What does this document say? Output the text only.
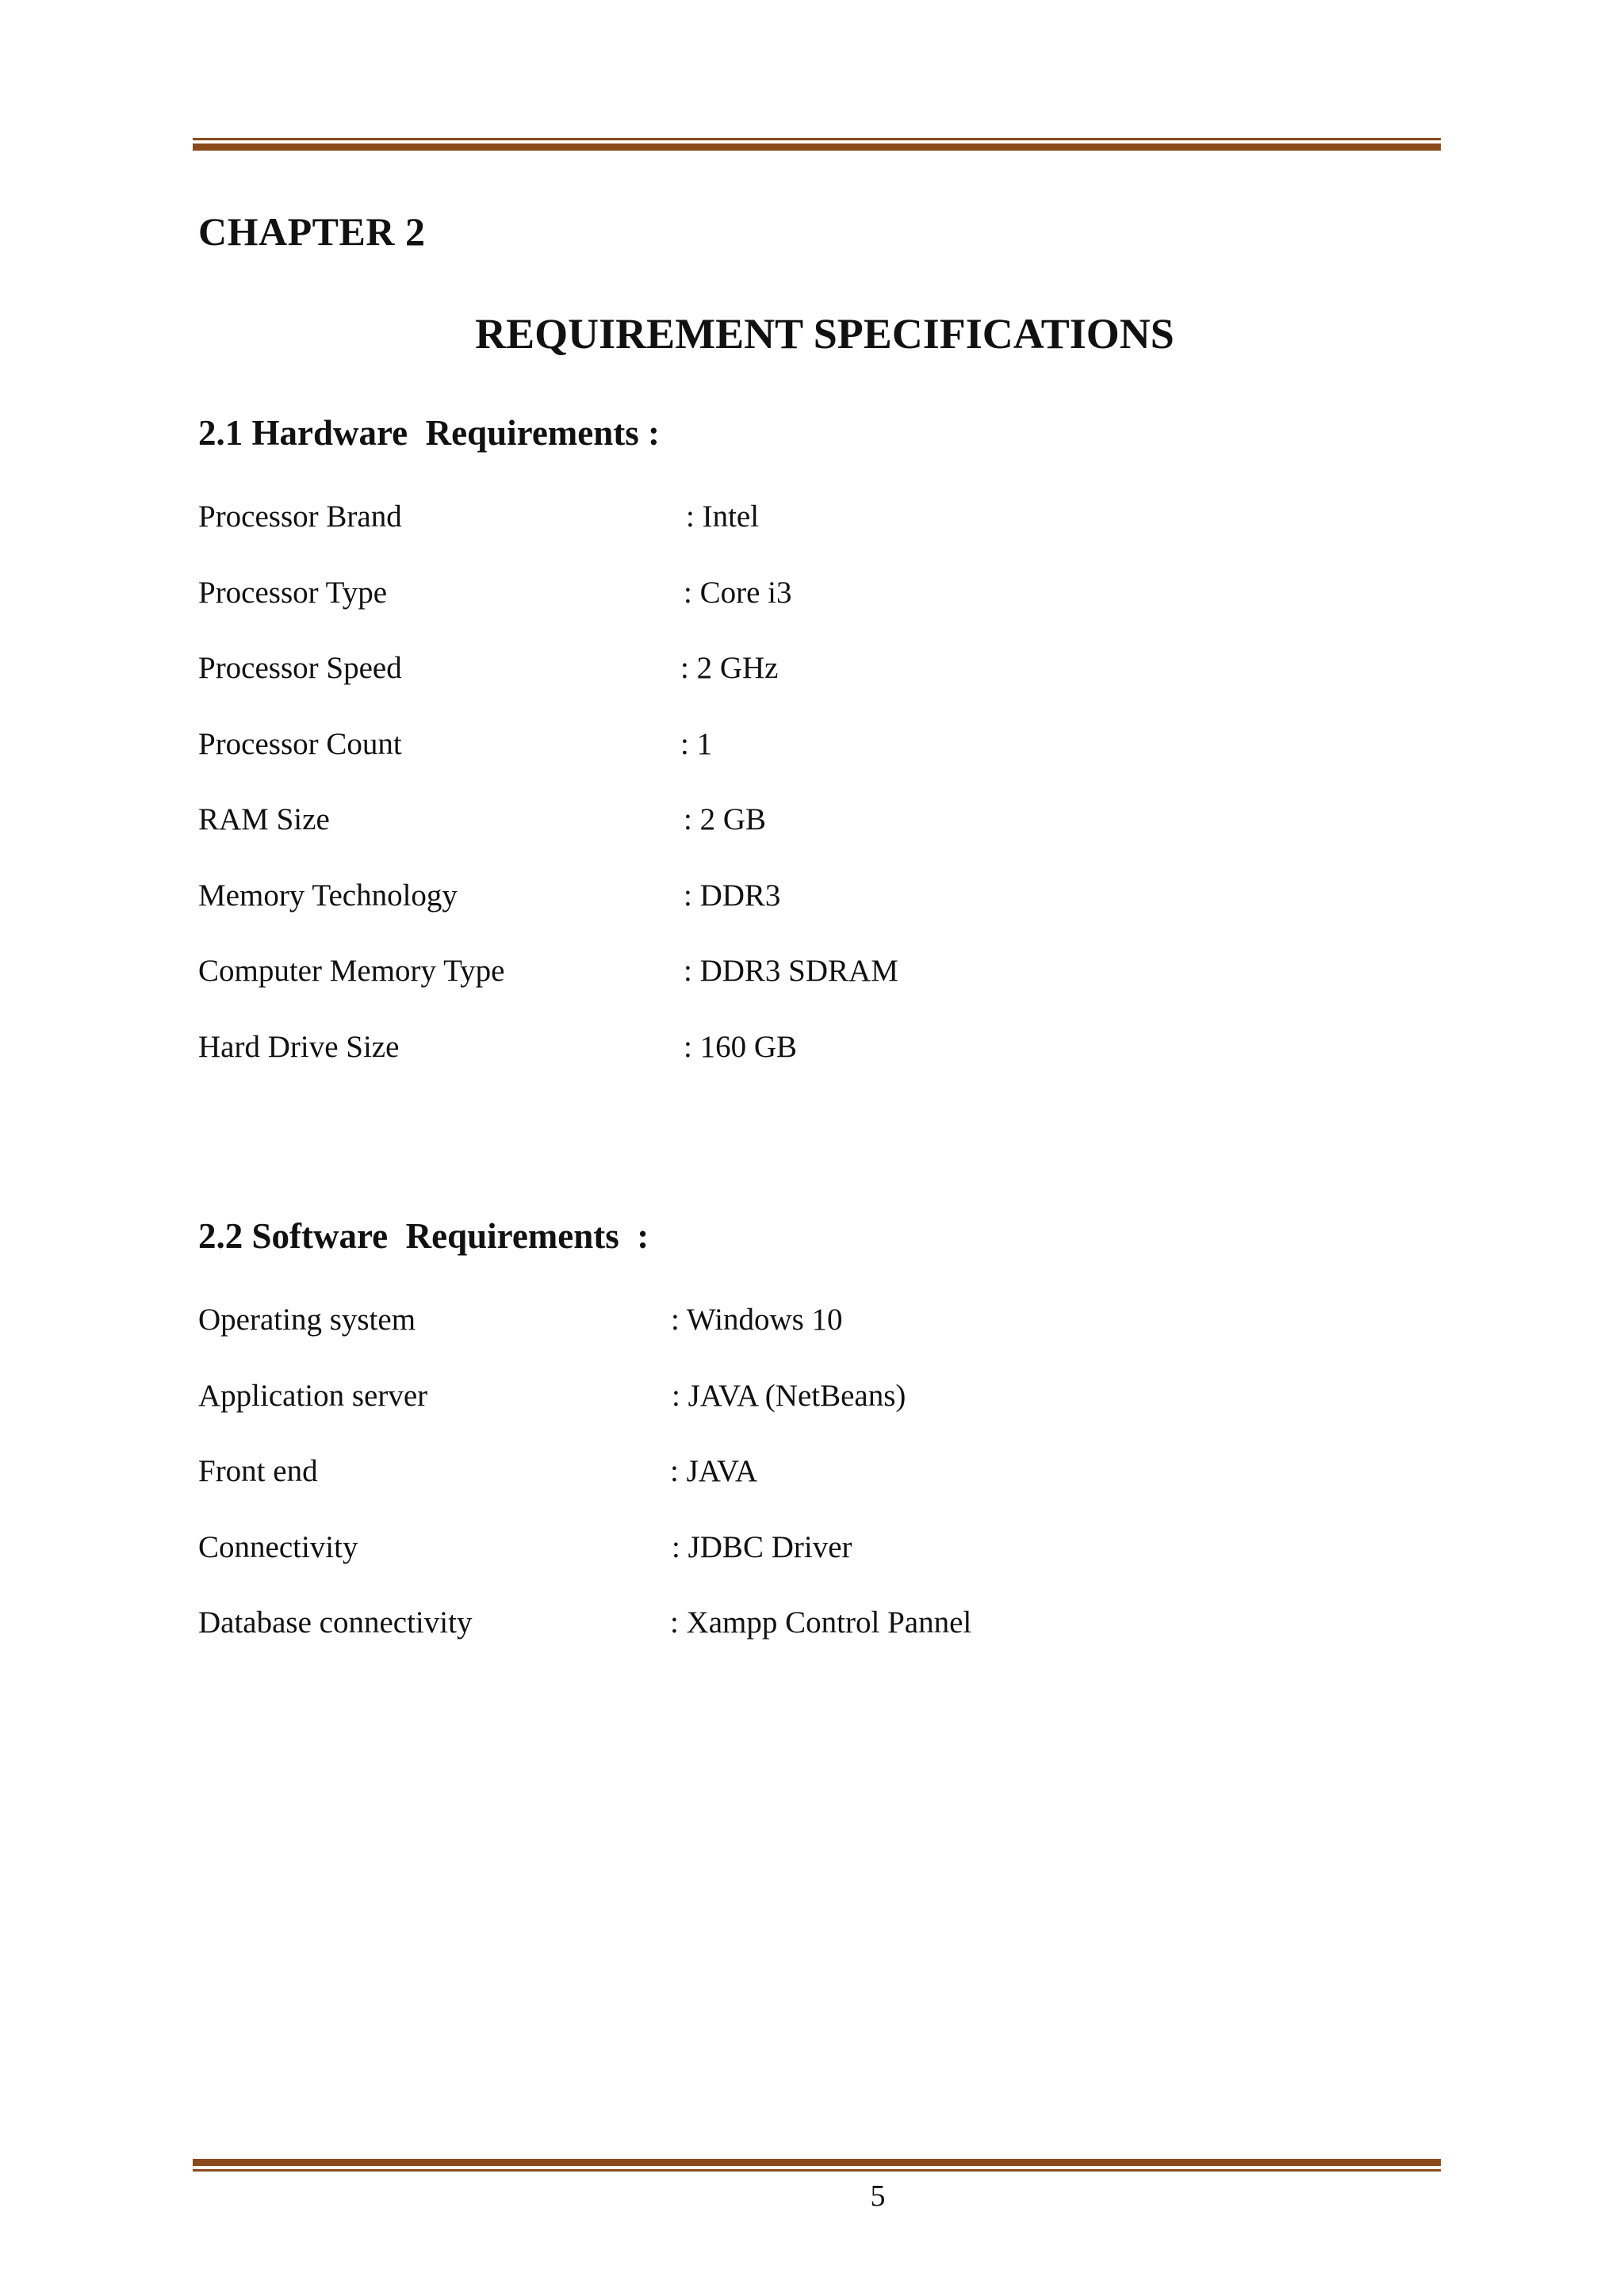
CHAPTER 2
REQUIREMENT SPECIFICATIONS
2.1 Hardware  Requirements :
Processor Brand	: Intel
Processor Type	: Core i3
Processor Speed	: 2 GHz
Processor Count	: 1
RAM Size	: 2 GB
Memory Technology	: DDR3
Computer Memory Type	: DDR3 SDRAM
Hard Drive Size	: 160 GB
2.2 Software  Requirements  :
Operating system	: Windows 10
Application server	: JAVA (NetBeans)
Front end	: JAVA
Connectivity	: JDBC Driver
Database connectivity	: Xampp Control Pannel
5
